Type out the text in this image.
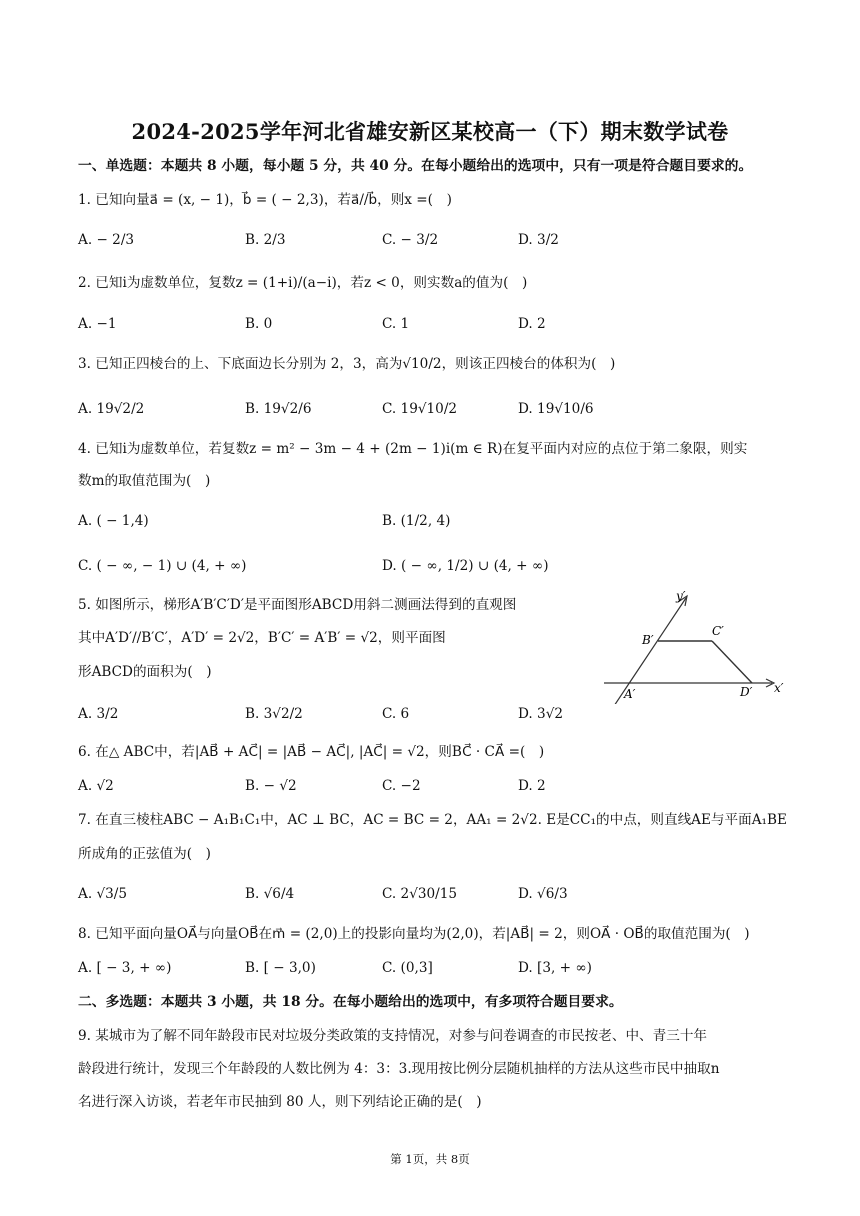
2024-2025学年河北省雄安新区某校高一（下）期末数学试卷
一、单选题：本题共 8 小题，每小题 5 分，共 40 分。在每小题给出的选项中，只有一项是符合题目要求的。
1. 已知向量a⃗ = (x, − 1)，b⃗ = ( − 2,3)，若a⃗//b⃗，则x =(　)
A. − 2/3	B. 2/3	C. − 3/2	D. 3/2
2. 已知i为虚数单位，复数z = (1+i)/(a−i)，若z < 0，则实数a的值为(　)
A. −1	B. 0	C. 1	D. 2
3. 已知正四棱台的上、下底面边长分别为 2，3，高为√10/2，则该正四棱台的体积为(　)
A. 19√2/2	B. 19√2/6	C. 19√10/2	D. 19√10/6
4. 已知i为虚数单位，若复数z = m² − 3m − 4 + (2m − 1)i(m ∈ R)在复平面内对应的点位于第二象限，则实
数m的取值范围为(　)
A. ( − 1,4)	B. (1/2, 4)
C. ( − ∞, − 1) ∪ (4, + ∞)	D. ( − ∞, 1/2) ∪ (4, + ∞)
5. 如图所示，梯形A′B′C′D′是平面图形ABCD用斜二测画法得到的直观图
其中A′D′//B′C′，A′D′ = 2√2，B′C′ = A′B′ = √2，则平面图
形ABCD的面积为(　)
A. 3/2	B. 3√2/2	C. 6	D. 3√2
y′
x′
A′
B′
C′
D′
6. 在△ ABC中，若|AB⃗ + AC⃗| = |AB⃗ − AC⃗|, |AC⃗| = √2，则BC⃗ · CA⃗ =(　)
A. √2	B. − √2	C. −2	D. 2
7. 在直三棱柱ABC − A₁B₁C₁中，AC ⊥ BC，AC = BC = 2，AA₁ = 2√2. E是CC₁的中点，则直线AE与平面A₁BE
所成角的正弦值为(　)
A. √3/5	B. √6/4	C. 2√30/15	D. √6/3
8. 已知平面向量OA⃗与向量OB⃗在m⃗ = (2,0)上的投影向量均为(2,0)，若|AB⃗| = 2，则OA⃗ · OB⃗的取值范围为(　)
A. [ − 3, + ∞)	B. [ − 3,0)	C. (0,3]	D. [3, + ∞)
二、多选题：本题共 3 小题，共 18 分。在每小题给出的选项中，有多项符合题目要求。
9. 某城市为了解不同年龄段市民对垃圾分类政策的支持情况，对参与问卷调查的市民按老、中、青三十年
龄段进行统计，发现三个年龄段的人数比例为 4：3：3.现用按比例分层随机抽样的方法从这些市民中抽取n
名进行深入访谈，若老年市民抽到 80 人，则下列结论正确的是(　)
第 1页，共 8页
